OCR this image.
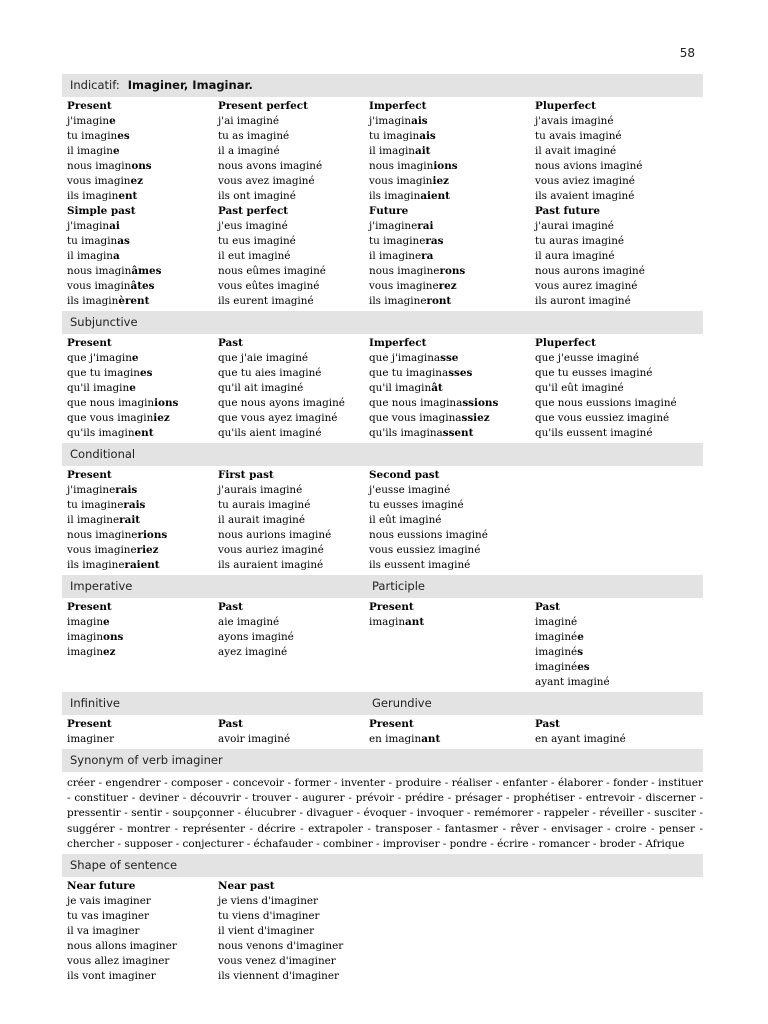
58
Indicatif: Imaginer, Imaginar.
Present
j'imagine
tu imagines
il imagine
nous imaginons
vous imaginez
ils imaginent
Present perfect
j'ai imaginé
tu as imaginé
il a imaginé
nous avons imaginé
vous avez imaginé
ils ont imaginé
Imperfect
j'imaginais
tu imaginais
il imaginait
nous imaginions
vous imaginiez
ils imaginaient
Pluperfect
j'avais imaginé
tu avais imaginé
il avait imaginé
nous avions imaginé
vous aviez imaginé
ils avaient imaginé
Simple past
j'imaginai
tu imaginas
il imagina
nous imaginâmes
vous imaginâtes
ils imaginèrent
Past perfect
j'eus imaginé
tu eus imaginé
il eut imaginé
nous eûmes imaginé
vous eûtes imaginé
ils eurent imaginé
Future
j'imaginerai
tu imagineras
il imaginera
nous imaginerons
vous imaginerez
ils imagineront
Past future
j'aurai imaginé
tu auras imaginé
il aura imaginé
nous aurons imaginé
vous aurez imaginé
ils auront imaginé
Subjunctive
Present
que j'imagine
que tu imagines
qu'il imagine
que nous imaginions
que vous imaginiez
qu'ils imaginent
Past
que j'aie imaginé
que tu aies imaginé
qu'il ait imaginé
que nous ayons imaginé
que vous ayez imaginé
qu'ils aient imaginé
Imperfect
que j'imaginasse
que tu imaginasses
qu'il imaginât
que nous imaginassions
que vous imaginassiez
qu'ils imaginassent
Pluperfect
que j'eusse imaginé
que tu eusses imaginé
qu'il eût imaginé
que nous eussions imaginé
que vous eussiez imaginé
qu'ils eussent imaginé
Conditional
Present
j'imaginerais
tu imaginerais
il imaginerait
nous imaginerions
vous imagineriez
ils imagineraient
First past
j'aurais imaginé
tu aurais imaginé
il aurait imaginé
nous aurions imaginé
vous auriez imaginé
ils auraient imaginé
Second past
j'eusse imaginé
tu eusses imaginé
il eût imaginé
nous eussions imaginé
vous eussiez imaginé
ils eussent imaginé
Imperative	Participle
Present
imagine
imaginons
imaginez
Past
aie imaginé
ayons imaginé
ayez imaginé
Present
imaginant
Past
imaginé
imaginée
imaginés
imaginées
ayant imaginé
Infinitive	Gerundive
Present
imaginer
Past
avoir imaginé
Present
en imaginant
Past
en ayant imaginé
Synonym of verb imaginer

créer - engendrer - composer - concevoir - former - inventer - produire - réaliser - enfanter - élaborer - fonder - instituer - constituer - deviner - découvrir - trouver - augurer - prévoir - prédire - présager - prophétiser - entrevoir - discerner - pressentir - sentir - soupçonner - élucubrer - divaguer - évoquer - invoquer - remémorer - rappeler - réveiller - susciter - suggérer - montrer - représenter - décrire - extrapoler - transposer - fantasmer - rêver - envisager - croire - penser - chercher - supposer - conjecturer - échafauder - combiner - improviser - pondre - écrire - romancer - broder - Afrique

Shape of sentence
Near future
je vais imaginer
tu vas imaginer
il va imaginer
nous allons imaginer
vous allez imaginer
ils vont imaginer
Near past
je viens d'imaginer
tu viens d'imaginer
il vient d'imaginer
nous venons d'imaginer
vous venez d'imaginer
ils viennent d'imaginer
